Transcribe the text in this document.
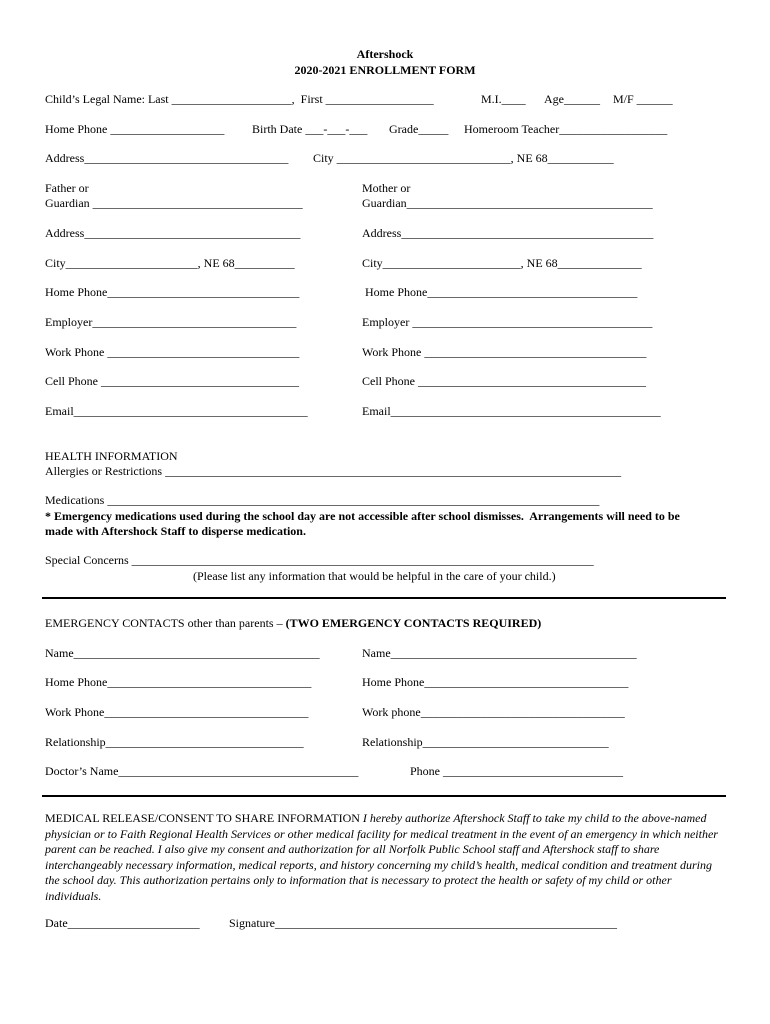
Aftershock
2020-2021 ENROLLMENT FORM
Child’s Legal Name: Last ____________________,  First __________________	M.I.____ Age______ M/F ______
Home Phone ___________________ Birth Date ___-___-___ Grade_____ Homeroom Teacher__________________
Address__________________________________ City _____________________________, NE 68___________
Father or
Guardian ___________________________________
Address____________________________________
City______________________, NE 68__________
Home Phone________________________________
Employer__________________________________
Work Phone ________________________________
Cell Phone _________________________________
Email_______________________________________
Mother or
Guardian_________________________________________
Address__________________________________________
City_______________________, NE 68______________
Home Phone___________________________________
Employer ________________________________________
Work Phone _____________________________________
Cell Phone ______________________________________
Email_____________________________________________
HEALTH INFORMATION
Allergies or Restrictions ____________________________________________________________________________
Medications __________________________________________________________________________________
* Emergency medications used during the school day are not accessible after school dismisses.  Arrangements will need to be
made with Aftershock Staff to disperse medication.
Special Concerns _____________________________________________________________________________
(Please list any information that would be helpful in the care of your child.)
EMERGENCY CONTACTS other than parents – (TWO EMERGENCY CONTACTS REQUIRED)
Name_________________________________________
Home Phone__________________________________
Work Phone__________________________________
Relationship_________________________________
Name_________________________________________
Home Phone__________________________________
Work phone__________________________________
Relationship_______________________________
Doctor’s Name________________________________________	Phone ______________________________
MEDICAL RELEASE/CONSENT TO SHARE INFORMATION I hereby authorize Aftershock Staff to take my child to the above-named physician or to Faith Regional Health Services or other medical facility for medical treatment in the event of an emergency in which neither parent can be reached. I also give my consent and authorization for all Norfolk Public School staff and Aftershock staff to share interchangeably necessary information, medical reports, and history concerning my child’s health, medical condition and treatment during the school day. This authorization pertains only to information that is necessary to protect the health or safety of my child or other individuals.
Date______________________ Signature_________________________________________________________
